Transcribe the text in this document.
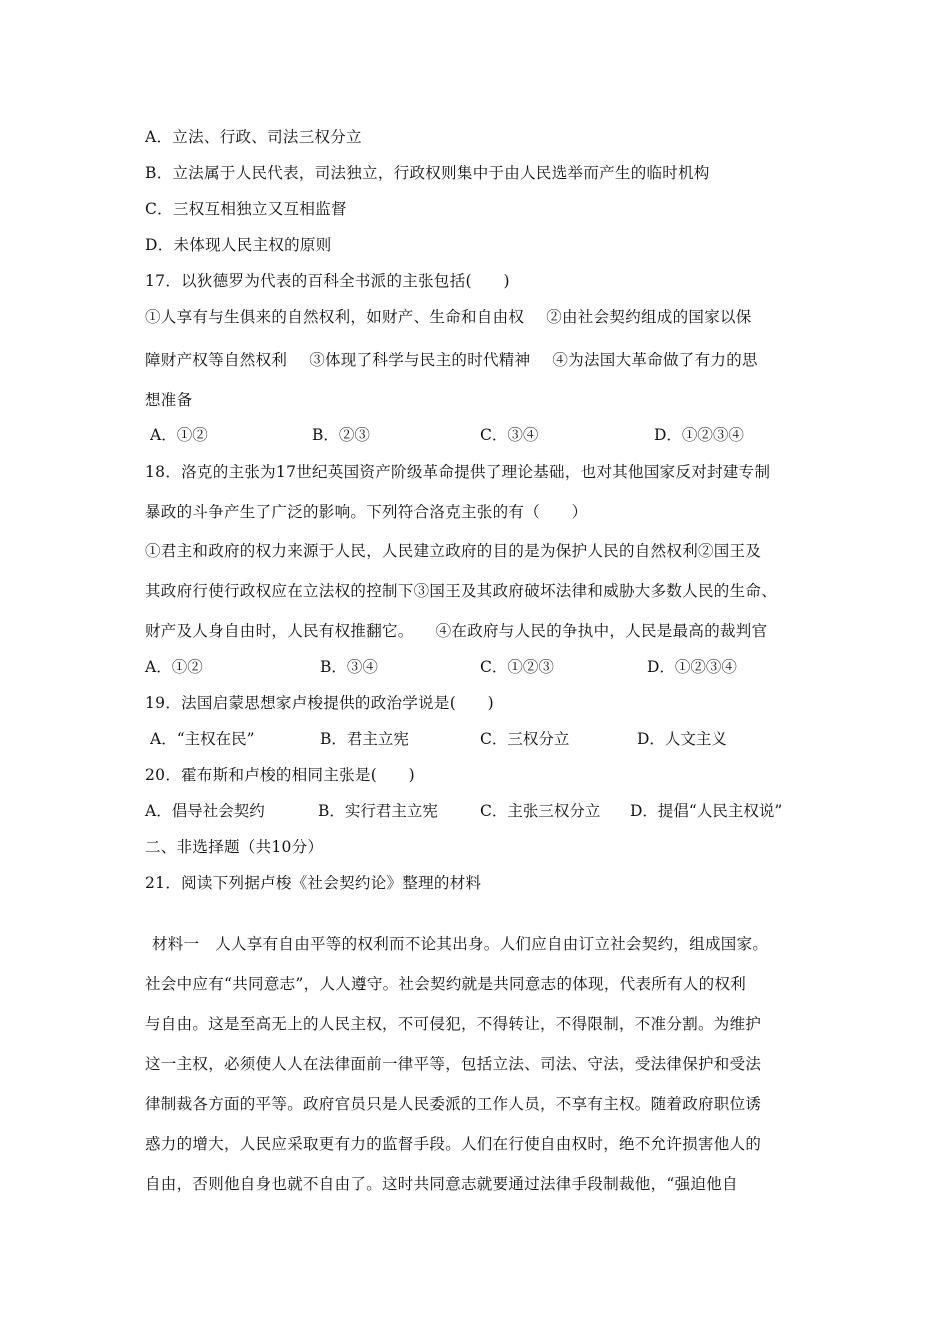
A．立法、行政、司法三权分立
B．立法属于人民代表，司法独立，行政权则集中于由人民选举而产生的临时机构
C．三权互相独立又互相监督
D．未体现人民主权的原则
17．以狄德罗为代表的百科全书派的主张包括(　　)
①人享有与生俱来的自然权利，如财产、生命和自由权 ②由社会契约组成的国家以保
障财产权等自然权利 ③体现了科学与民主的时代精神 ④为法国大革命做了有力的思
想准备
A．①②	B．②③	C．③④	D．①②③④
18．洛克的主张为17世纪英国资产阶级革命提供了理论基础，也对其他国家反对封建专制
暴政的斗争产生了广泛的影响。下列符合洛克主张的有（　　）
①君主和政府的权力来源于人民，人民建立政府的目的是为保护人民的自然权利②国王及
其政府行使行政权应在立法权的控制下③国王及其政府破坏法律和威胁大多数人民的生命、
财产及人身自由时，人民有权推翻它。 ④在政府与人民的争执中，人民是最高的裁判官
A．①②	B．③④	C．①②③	D．①②③④
19．法国启蒙思想家卢梭提供的政治学说是(　　)
A．“主权在民”	B．君主立宪	C．三权分立	D．人文主义
20．霍布斯和卢梭的相同主张是(　　)
A．倡导社会契约	B．实行君主立宪	C．主张三权分立 D．提倡“人民主权说”
二、非选择题（共10分）
21．阅读下列据卢梭《社会契约论》整理的材料
材料一　人人享有自由平等的权利而不论其出身。人们应自由订立社会契约，组成国家。
社会中应有“共同意志”，人人遵守。社会契约就是共同意志的体现，代表所有人的权利
与自由。这是至高无上的人民主权，不可侵犯，不得转让，不得限制，不准分割。为维护
这一主权，必须使人人在法律面前一律平等，包括立法、司法、守法，受法律保护和受法
律制裁各方面的平等。政府官员只是人民委派的工作人员，不享有主权。随着政府职位诱
惑力的增大，人民应采取更有力的监督手段。人们在行使自由权时，绝不允许损害他人的
自由，否则他自身也就不自由了。这时共同意志就要通过法律手段制裁他，“强迫他自
